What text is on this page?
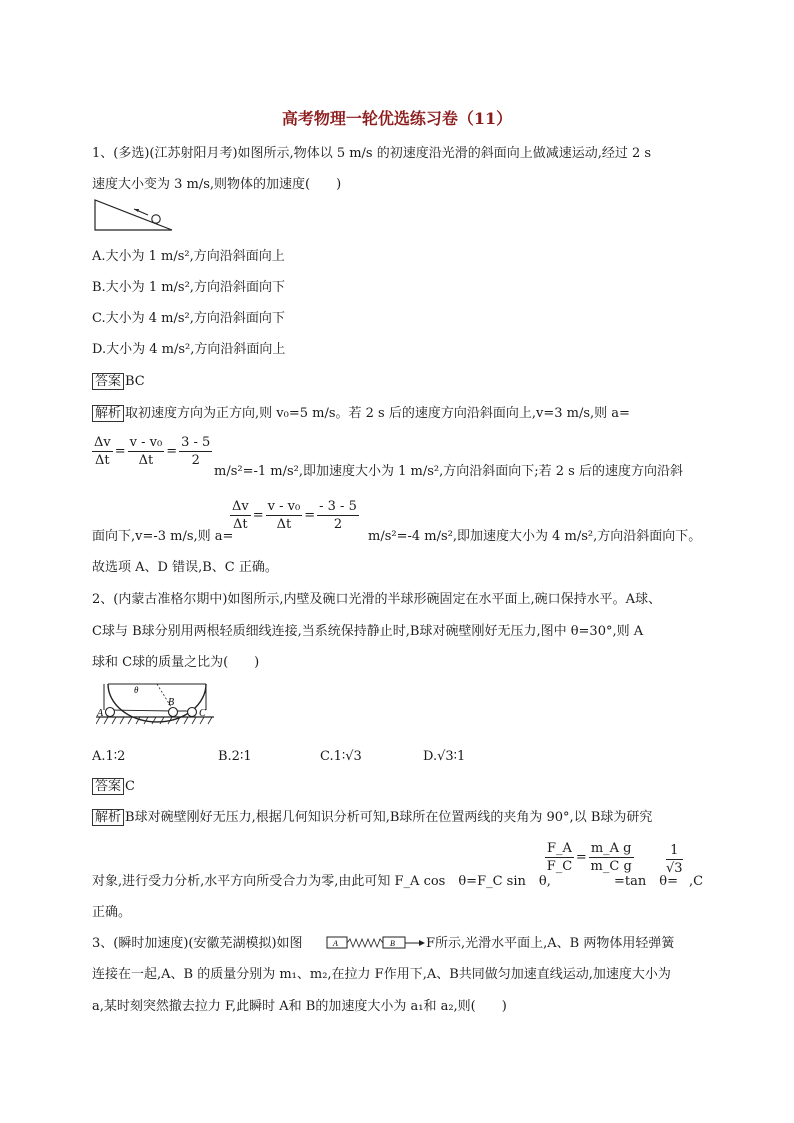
高考物理一轮优选练习卷（11）
1、(多选)(江苏射阳月考)如图所示,物体以 5 m/s 的初速度沿光滑的斜面向上做减速运动,经过 2 s
速度大小变为 3 m/s,则物体的加速度(　　)
A.大小为 1 m/s²,方向沿斜面向上
B.大小为 1 m/s²,方向沿斜面向下
C.大小为 4 m/s²,方向沿斜面向下
D.大小为 4 m/s²,方向沿斜面向上
答案 BC
解析 取初速度方向为正方向,则 v₀=5 m/s。若 2 s 后的速度方向沿斜面向上,v=3 m/s,则 a=
$\frac{\Delta v}{\Delta t} = \frac{\text{v - v₀}}{\Delta t} = \frac{3 - 5}{2}$
m/s²=-1 m/s²,即加速度大小为 1 m/s²,方向沿斜面向下;若 2 s 后的速度方向沿斜
$\frac{\Delta v}{\Delta t} = \frac{\text{v - v₀}}{\Delta t} = \frac{- 3 - 5}{2}$
面向下,v=-3 m/s,则 a=	m/s²=-4 m/s²,即加速度大小为 4 m/s²,方向沿斜面向下。
故选项 A、D 错误,B、C 正确。
2、(内蒙古准格尔期中)如图所示,内壁及碗口光滑的半球形碗固定在水平面上,碗口保持水平。A球、
C球与 B球分别用两根轻质细线连接,当系统保持静止时,B球对碗壁刚好无压力,图中 θ=30°,则 A
球和 C球的质量之比为(　　)
A
B
C
θ
A.1∶2	B.2∶1	C.1∶√3	D.√3∶1
答案 C
解析 B球对碗壁刚好无压力,根据几何知识分析可知,B球所在位置两线的夹角为 90°,以 B球为研究
对象,进行受力分析,水平方向所受合力为零,由此可知 F_A cos　θ=F_C sin　θ,
$\frac{F\_A}{F\_C} = \frac{\text{m\_A g}}{\text{m\_C g}}$
=tan　θ=
$\frac{1}{√3}$
,C
正确。
3、(瞬时加速度)(安徽芜湖模拟)如图	A	B F所示,光滑水平面上,A、B 两物体用轻弹簧
连接在一起,A、B 的质量分别为 m₁、m₂,在拉力 F作用下,A、B共同做匀加速直线运动,加速度大小为
a,某时刻突然撤去拉力 F,此瞬时 A和 B的加速度大小为 a₁和 a₂,则(　　)
